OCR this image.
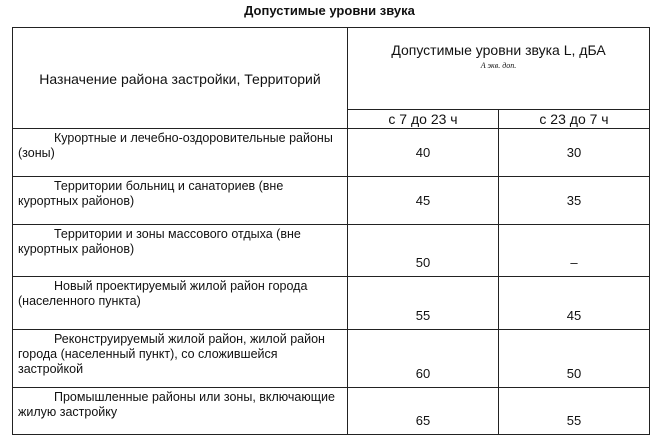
Допустимые уровни звука
Назначение района застройки, Территорий	Допустимые уровни звука L, дБА
A экв. доп.	

	с 7 до 23 ч	с 23 до 7 ч
Курортные и лечебно-оздоровительные районы (зоны)	40	30
Территории больниц и санаториев (вне курортных районов)	45	35
Территории и зоны массового отдыха (вне курортных районов)	50	–
Новый проектируемый жилой район города (населенного пункта)	55	45
Реконструируемый жилой район, жилой район города (населенный пункт), со сложившейся застройкой	60	50
Промышленные районы или зоны, включающие жилую застройку	65	55
